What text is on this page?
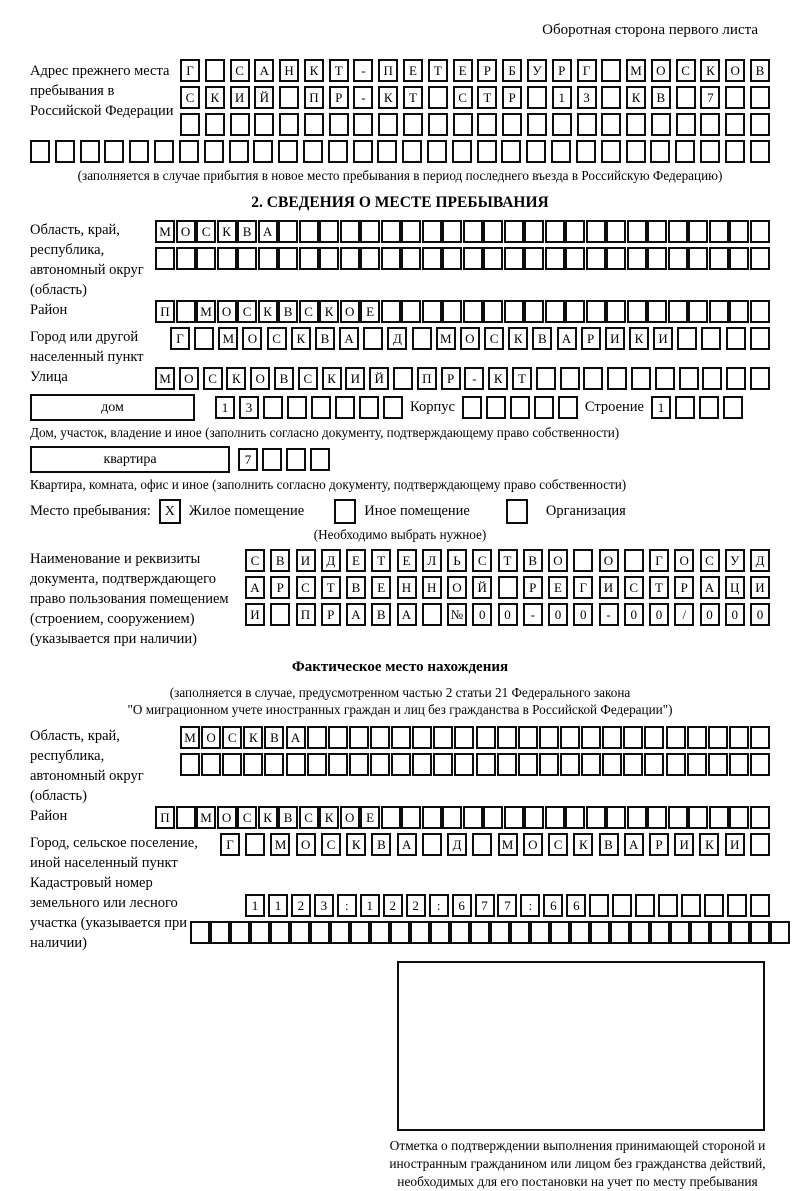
Оборотная сторона первого листа
Адрес прежнего места пребывания в Российской Федерации
Г	С	А	Н	К	Т	-	П	Е	Т	Е	Р	Б	У	Р	Г	М	О	С	К	О	В
С	К	И	Й	П	Р	-	К	Т	С	Т	Р	1	3	К	В	7
(заполняется в случае прибытия в новое место пребывания в период последнего въезда в Российскую Федерацию)
2. СВЕДЕНИЯ О МЕСТЕ ПРЕБЫВАНИЯ
Область, край, республика, автономный округ (область)
М О С К В А
Район	П	М О С К В С К О Е
Город или другой населенный пункт
Г	М	О	С	К	В	А	Д	М	О	С	К	В	А	Р	И	К	И
Улица	М	О	С	К	О	В	С	К	И	Й	П	Р	-	К	Т
дом	1	3	Корпус	Строение	1
Дом, участок, владение и иное (заполнить согласно документу, подтверждающему право собственности)
квартира	7
Квартира, комната, офис и иное (заполнить согласно документу, подтверждающему право собственности)
Место пребывания: X Жилое помещение	Иное помещение	Организация
(Необходимо выбрать нужное)
Наименование и реквизиты документа, подтверждающего право пользования помещением (строением, сооружением) (указывается при наличии)
С	В	И	Д	Е	Т	Е	Л	Ь	С	Т	В	О	О	Г	О	С	У	Д
А	Р	С	Т	В	Е	Н	Н	О	Й	Р	Е	Г	И	С	Т	Р	А	Ц	И
И	П	Р	А	В	А	№	0	0	-	0	0	-	0	0	/	0	0	0
Фактическое место нахождения
(заполняется в случае, предусмотренном частью 2 статьи 21 Федерального закона
"О миграционном учете иностранных граждан и лиц без гражданства в Российской Федерации")
Область, край, республика, автономный округ (область)
М О С К В А
Район	П	М О С К В С К О Е
Город, сельское поселение, иной населенный пункт
Г	М	О	С	К	В	А	Д	М	О	С	К	В	А	Р	И	К	И
Кадастровый номер земельного или лесного участка (указывается при наличии)
1	1	2	3	:	1	2	2	:	6	7	7	:	6	6
Отметка о подтверждении выполнения принимающей стороной и иностранным гражданином или лицом без гражданства действий, необходимых для его постановки на учет по месту пребывания
